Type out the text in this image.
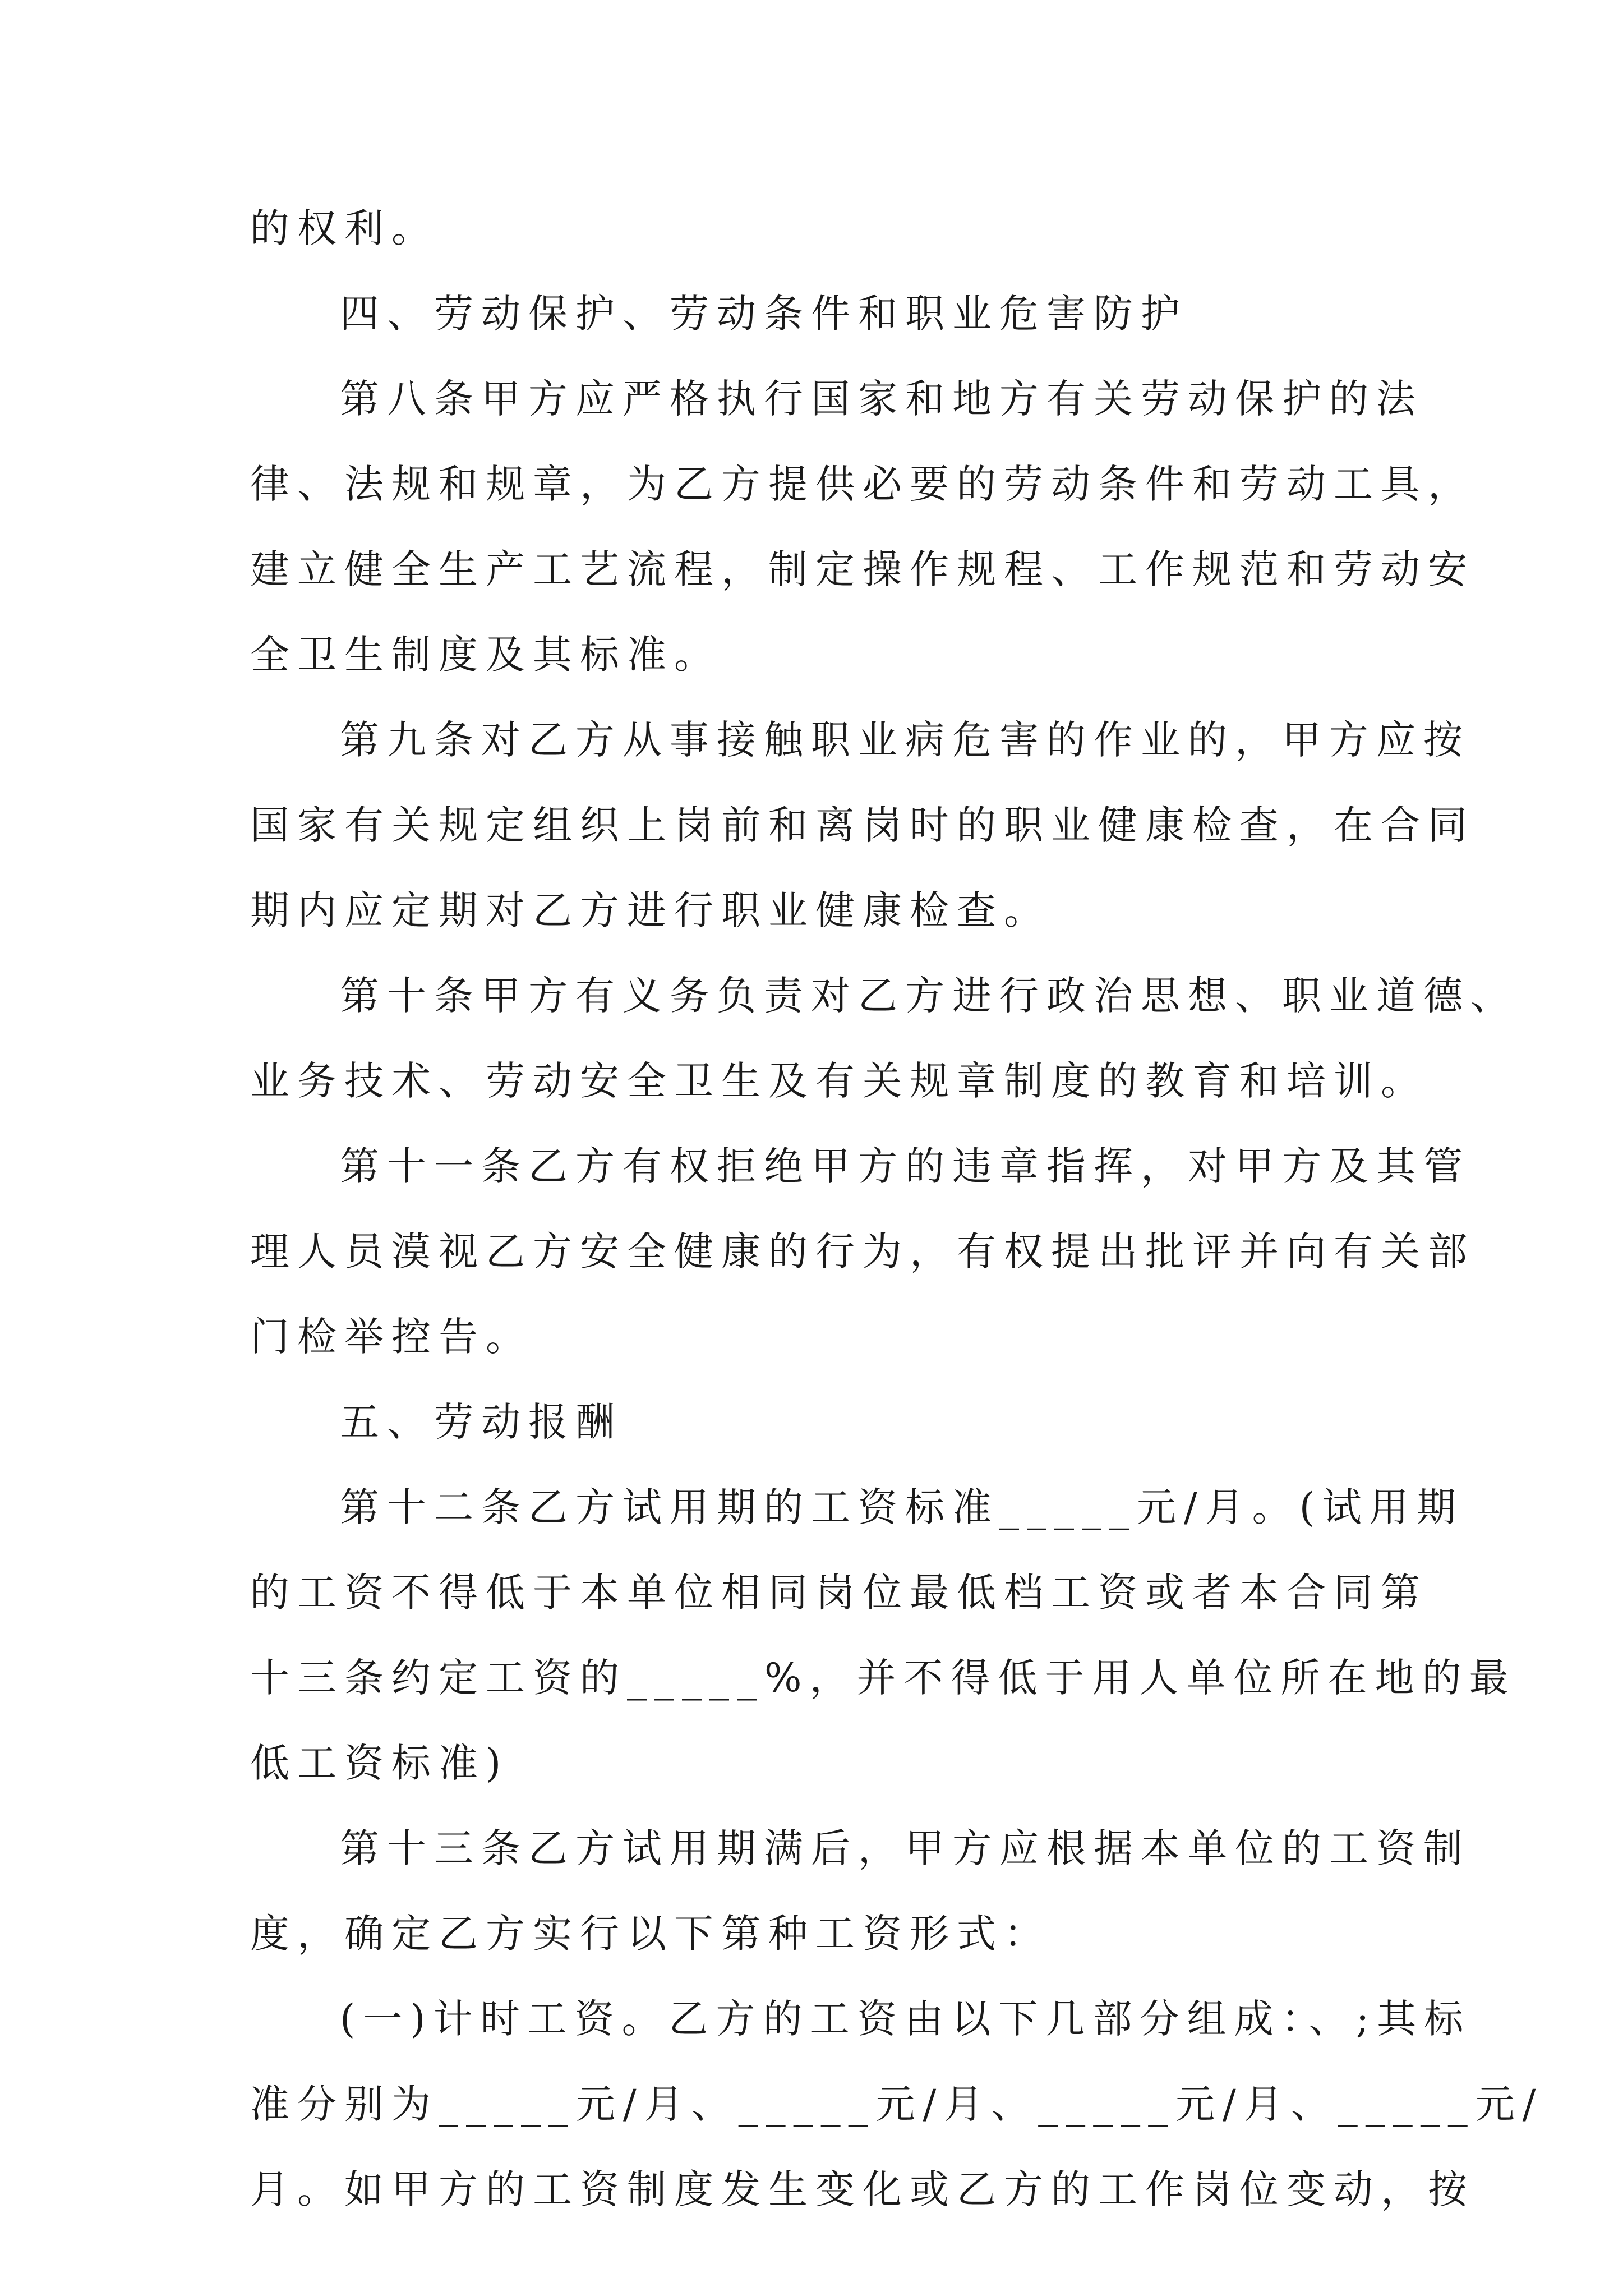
的权利。
四、劳动保护、劳动条件和职业危害防护
第八条甲方应严格执行国家和地方有关劳动保护的法
律、法规和规章，为乙方提供必要的劳动条件和劳动工具，
建立健全生产工艺流程，制定操作规程、工作规范和劳动安
全卫生制度及其标准。
第九条对乙方从事接触职业病危害的作业的，甲方应按
国家有关规定组织上岗前和离岗时的职业健康检查，在合同
期内应定期对乙方进行职业健康检查。
第十条甲方有义务负责对乙方进行政治思想、职业道德、
业务技术、劳动安全卫生及有关规章制度的教育和培训。
第十一条乙方有权拒绝甲方的违章指挥，对甲方及其管
理人员漠视乙方安全健康的行为，有权提出批评并向有关部
门检举控告。
五、劳动报酬
第十二条乙方试用期的工资标准_____元/月。(试用期
的工资不得低于本单位相同岗位最低档工资或者本合同第
十三条约定工资的_____%，并不得低于用人单位所在地的最
低工资标准)
第十三条乙方试用期满后，甲方应根据本单位的工资制
度，确定乙方实行以下第种工资形式：
(一)计时工资。乙方的工资由以下几部分组成：、;其标
准分别为_____元/月、_____元/月、_____元/月、_____元/
月。如甲方的工资制度发生变化或乙方的工作岗位变动，按
